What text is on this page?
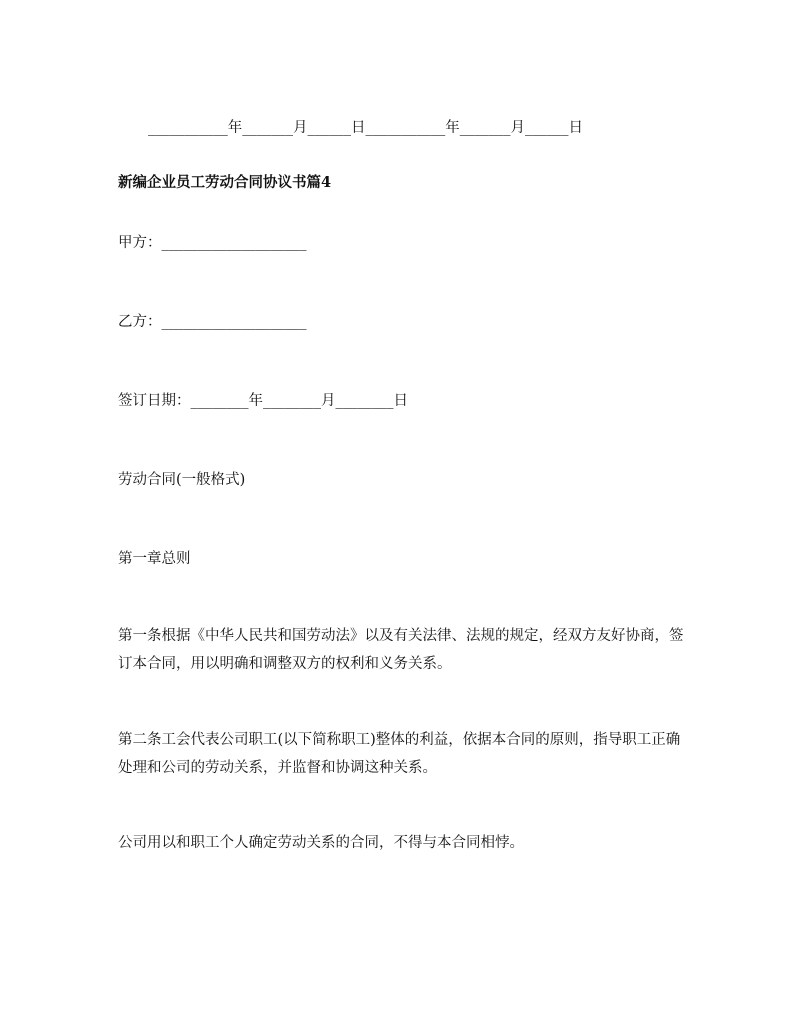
___________年_______月______日___________年_______月______日
新编企业员工劳动合同协议书篇4
甲方：____________________
乙方：____________________
签订日期：________年________月________日
劳动合同(一般格式)
第一章总则
第一条根据《中华人民共和国劳动法》以及有关法律、法规的规定，经双方友好协商，签订本合同，用以明确和调整双方的权利和义务关系。
第二条工会代表公司职工(以下简称职工)整体的利益，依据本合同的原则，指导职工正确处理和公司的劳动关系，并监督和协调这种关系。
公司用以和职工个人确定劳动关系的合同，不得与本合同相悖。
